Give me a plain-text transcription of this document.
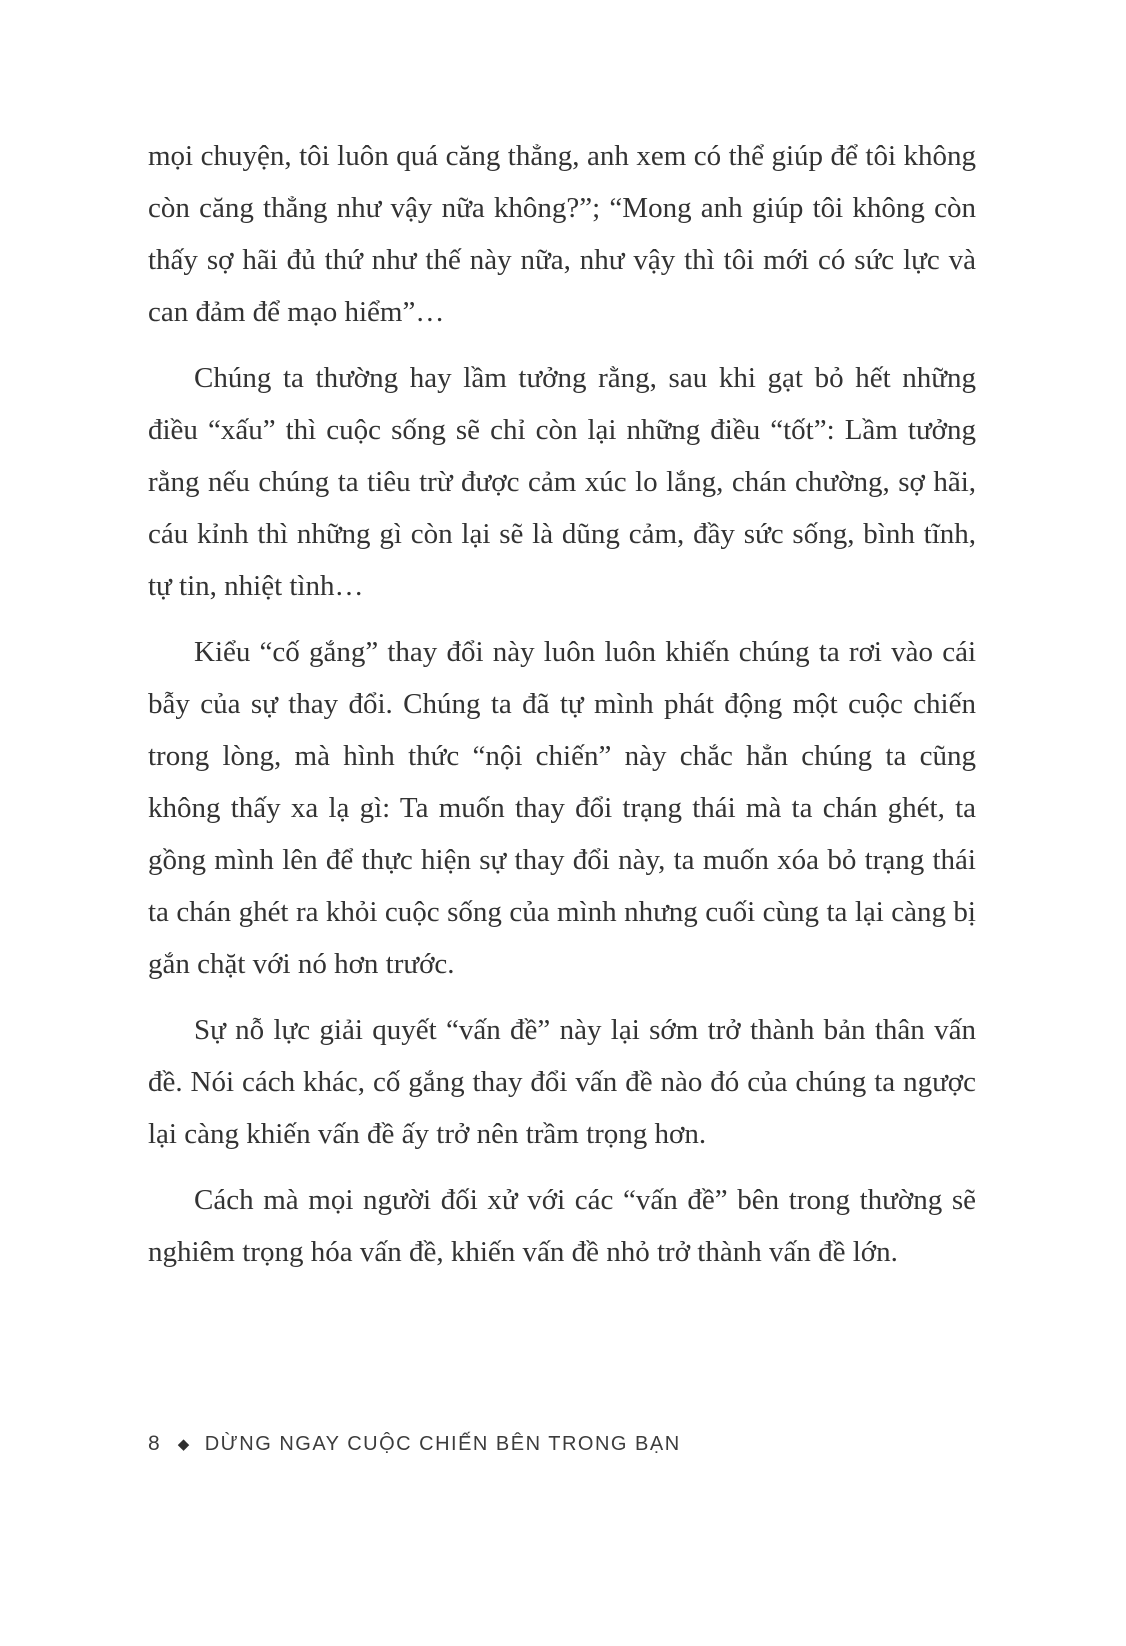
mọi chuyện, tôi luôn quá căng thẳng, anh xem có thể giúp để tôi không còn căng thẳng như vậy nữa không?”; “Mong anh giúp tôi không còn thấy sợ hãi đủ thứ như thế này nữa, như vậy thì tôi mới có sức lực và can đảm để mạo hiểm”…

Chúng ta thường hay lầm tưởng rằng, sau khi gạt bỏ hết những điều “xấu” thì cuộc sống sẽ chỉ còn lại những điều “tốt”: Lầm tưởng rằng nếu chúng ta tiêu trừ được cảm xúc lo lắng, chán chường, sợ hãi, cáu kỉnh thì những gì còn lại sẽ là dũng cảm, đầy sức sống, bình tĩnh, tự tin, nhiệt tình…

Kiểu “cố gắng” thay đổi này luôn luôn khiến chúng ta rơi vào cái bẫy của sự thay đổi. Chúng ta đã tự mình phát động một cuộc chiến trong lòng, mà hình thức “nội chiến” này chắc hẳn chúng ta cũng không thấy xa lạ gì: Ta muốn thay đổi trạng thái mà ta chán ghét, ta gồng mình lên để thực hiện sự thay đổi này, ta muốn xóa bỏ trạng thái ta chán ghét ra khỏi cuộc sống của mình nhưng cuối cùng ta lại càng bị gắn chặt với nó hơn trước.

Sự nỗ lực giải quyết “vấn đề” này lại sớm trở thành bản thân vấn đề. Nói cách khác, cố gắng thay đổi vấn đề nào đó của chúng ta ngược lại càng khiến vấn đề ấy trở nên trầm trọng hơn.

Cách mà mọi người đối xử với các “vấn đề” bên trong thường sẽ nghiêm trọng hóa vấn đề, khiến vấn đề nhỏ trở thành vấn đề lớn.

8 ◆ DỪNG NGAY CUỘC CHIẾN BÊN TRONG BẠN
